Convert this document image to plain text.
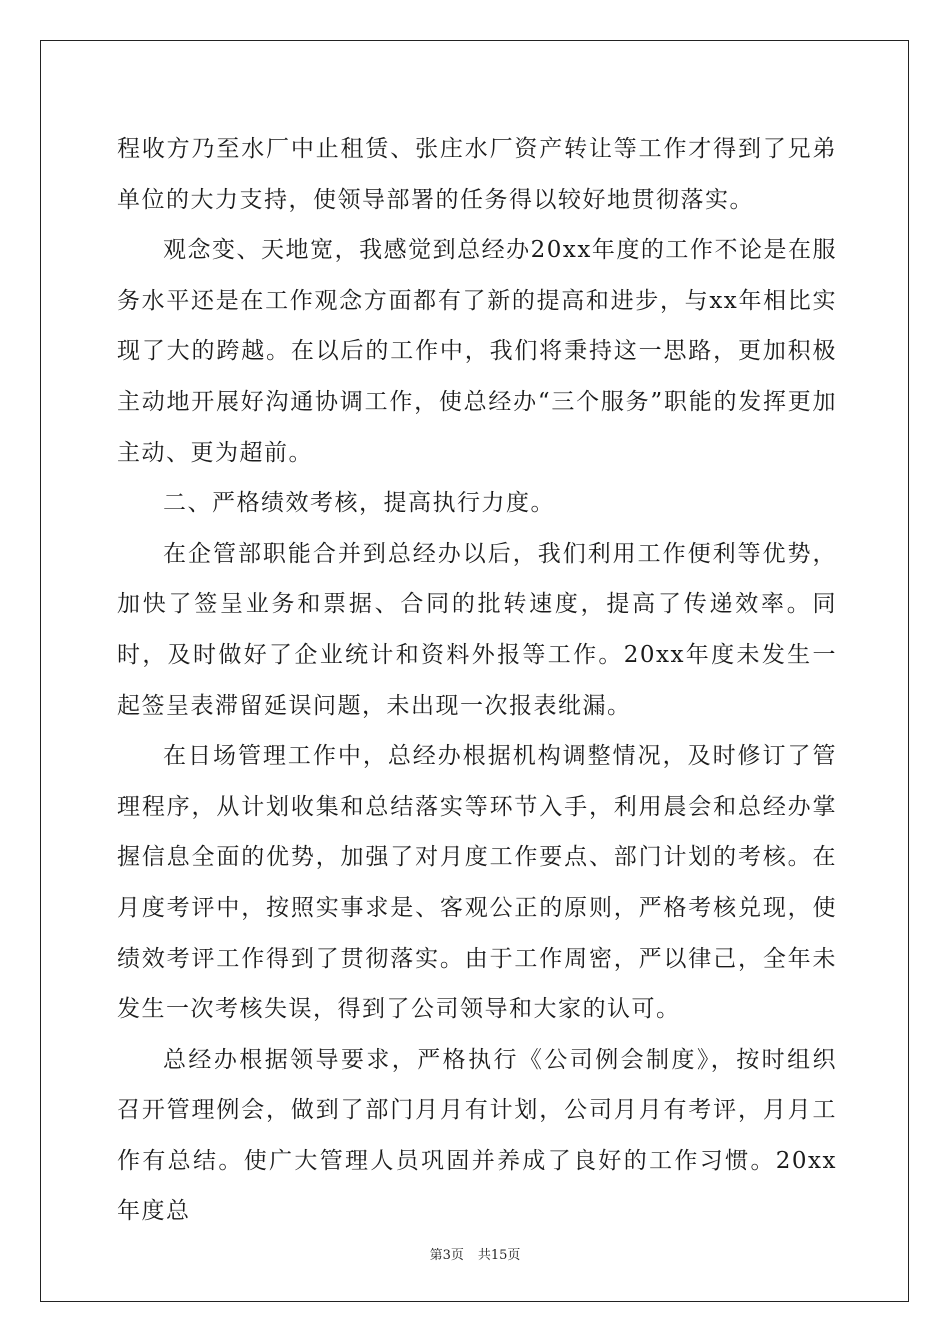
程收方乃至水厂中止租赁、张庄水厂资产转让等工作才得到了兄弟单位的大力支持，使领导部署的任务得以较好地贯彻落实。

观念变、天地宽，我感觉到总经办20xx年度的工作不论是在服务水平还是在工作观念方面都有了新的提高和进步，与xx年相比实现了大的跨越。在以后的工作中，我们将秉持这一思路，更加积极主动地开展好沟通协调工作，使总经办“三个服务”职能的发挥更加主动、更为超前。

二、严格绩效考核，提高执行力度。

在企管部职能合并到总经办以后，我们利用工作便利等优势，加快了签呈业务和票据、合同的批转速度，提高了传递效率。同时，及时做好了企业统计和资料外报等工作。20xx年度未发生一起签呈表滞留延误问题，未出现一次报表纰漏。

在日场管理工作中，总经办根据机构调整情况，及时修订了管理程序，从计划收集和总结落实等环节入手，利用晨会和总经办掌握信息全面的优势，加强了对月度工作要点、部门计划的考核。在月度考评中，按照实事求是、客观公正的原则，严格考核兑现，使绩效考评工作得到了贯彻落实。由于工作周密，严以律己，全年未发生一次考核失误，得到了公司领导和大家的认可。

总经办根据领导要求，严格执行《公司例会制度》，按时组织召开管理例会，做到了部门月月有计划，公司月月有考评，月月工作有总结。使广大管理人员巩固并养成了良好的工作习惯。20xx年度总

第3页 共15页
